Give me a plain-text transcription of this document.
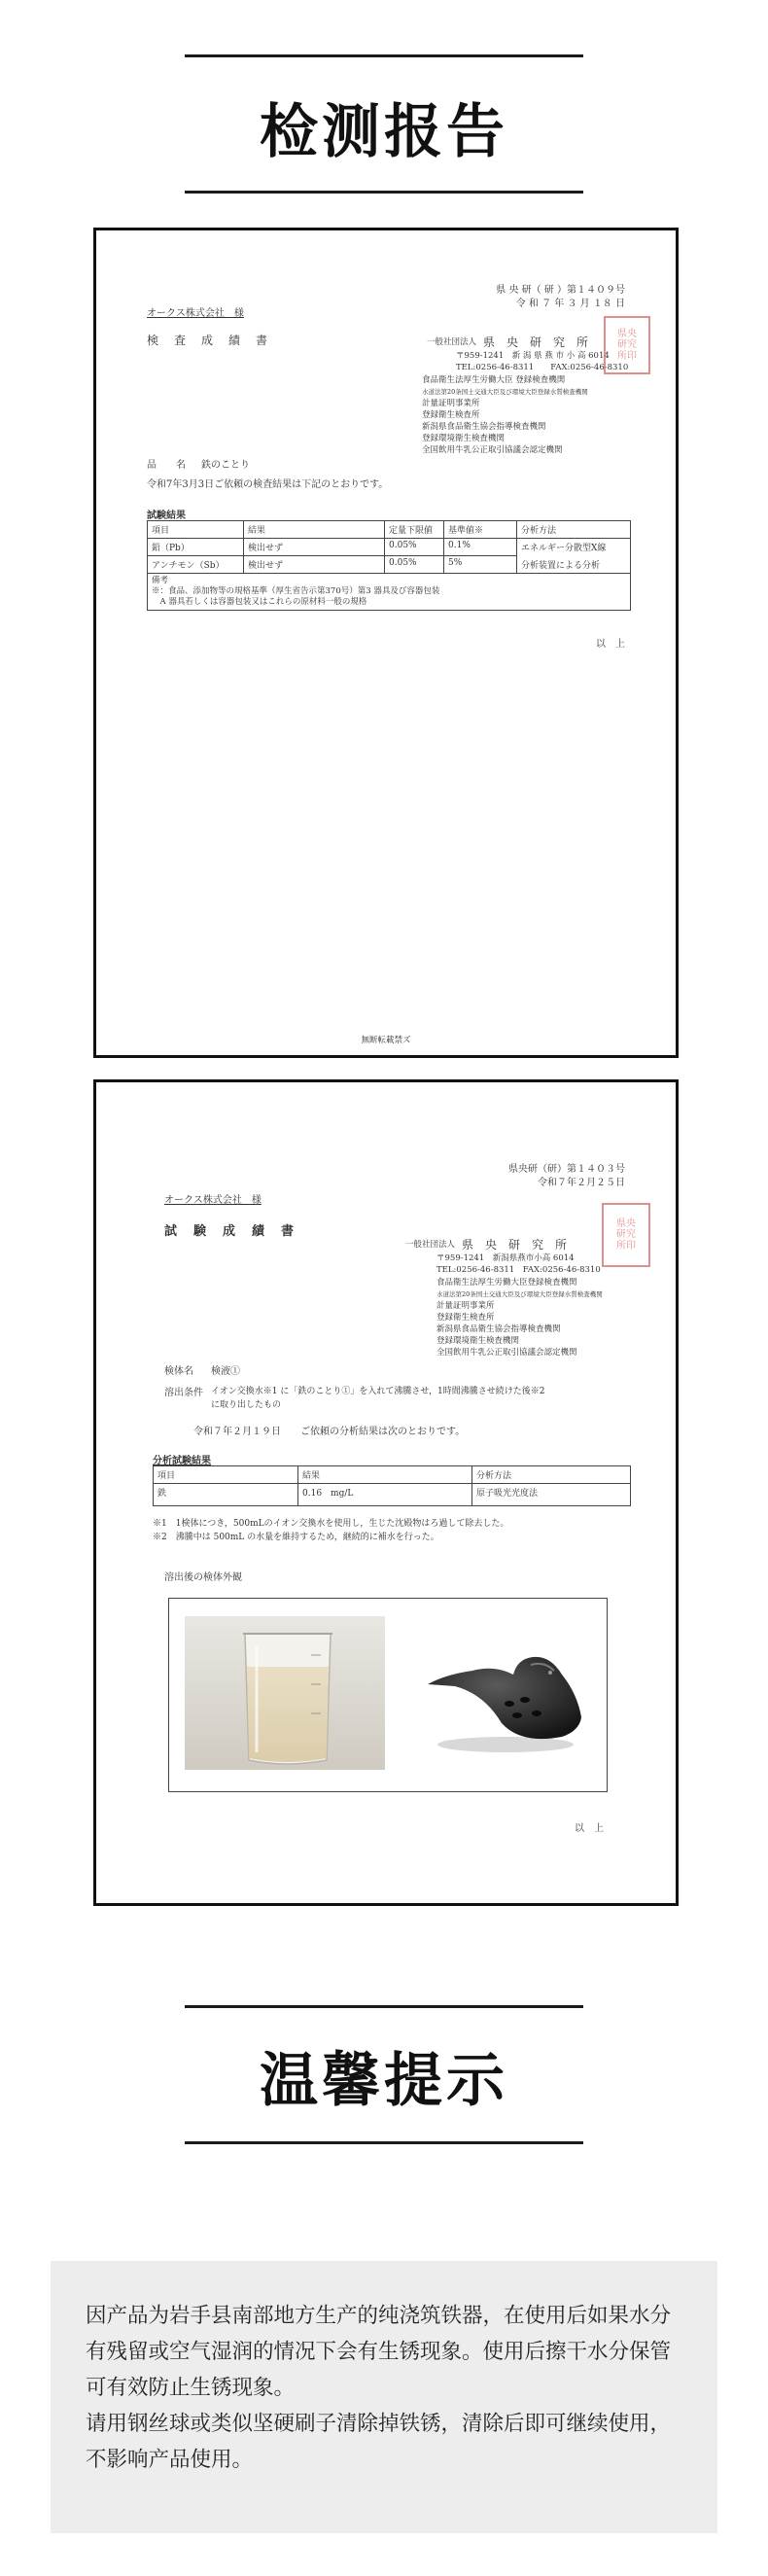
检测报告
県 央 研（ 研 ）第１４０９号
令 和 ７ 年 ３ 月 １８ 日
オークス株式会社　様
検　査　成　績　書	一般社団法人 県　央　研　究　所
〒959-1241　新 潟 県 燕 市 小 高 6014
TEL:0256-46-8311　　FAX:0256-46-8310
食品衛生法厚生労働大臣 登録検査機関
水道法第20条国土交通大臣及び環境大臣登録水質検査機関
計量証明事業所
登録衛生検査所
新潟県食品衛生協会指導検査機関
登録環境衛生検査機関
全国飲用牛乳公正取引協議会認定機関
県央
研究
所印
品　　名 鉄のことり
令和7年3月3日ご依頼の検査結果は下記のとおりです。
試験結果
項目	結果	定量下限値	基準値※	分析方法
鉛（Pb）	検出せず	0.05%	0.1%	エネルギー分散型X線
アンチモン（Sb）	検出せず	0.05%	5%	分析装置による分析

備考
※：食品、添加物等の規格基準（厚生省告示第370号）第3 器具及び容器包装
　A 器具若しくは容器包装又はこれらの原材料一般の規格				
以　上
無断転載禁ズ
県央研（研）第１４０３号
令和７年２月２５日
オークス株式会社　様
試　験　成　績　書
一般社団法人 県　央　研　究　所
〒959-1241　新潟県燕市小高 6014
TEL:0256-46-8311　FAX:0256-46-8310
食品衛生法厚生労働大臣登録検査機関
水道法第20条国土交通大臣及び環境大臣登録水質検査機関
計量証明事業所
登録衛生検査所
新潟県食品衛生協会指導検査機関
登録環境衛生検査機関
全国飲用牛乳公正取引協議会認定機関
県央
研究
所印
検体名 検液①
溶出条件 イオン交換水※1 に「鉄のことり①」を入れて沸騰させ，1時間沸騰させ続けた後※2
に取り出したもの
令和７年２月１９日　　ご依頼の分析結果は次のとおりです。
分析試験結果
項目	結果	分析方法
鉄	0.16　mg/L	原子吸光光度法
※1　1検体につき，500mLのイオン交換水を使用し，生じた沈殿物はろ過して除去した。
※2　沸騰中は 500mL の水量を維持するため，継続的に補水を行った。
溶出後の検体外観
以　上
温馨提示

因产品为岩手县南部地方生产的纯浇筑铁器，在使用后如果水分有残留或空气湿润的情况下会有生锈现象。使用后擦干水分保管可有效防止生锈现象。

请用钢丝球或类似坚硬刷子清除掉铁锈，清除后即可继续使用，不影响产品使用。
